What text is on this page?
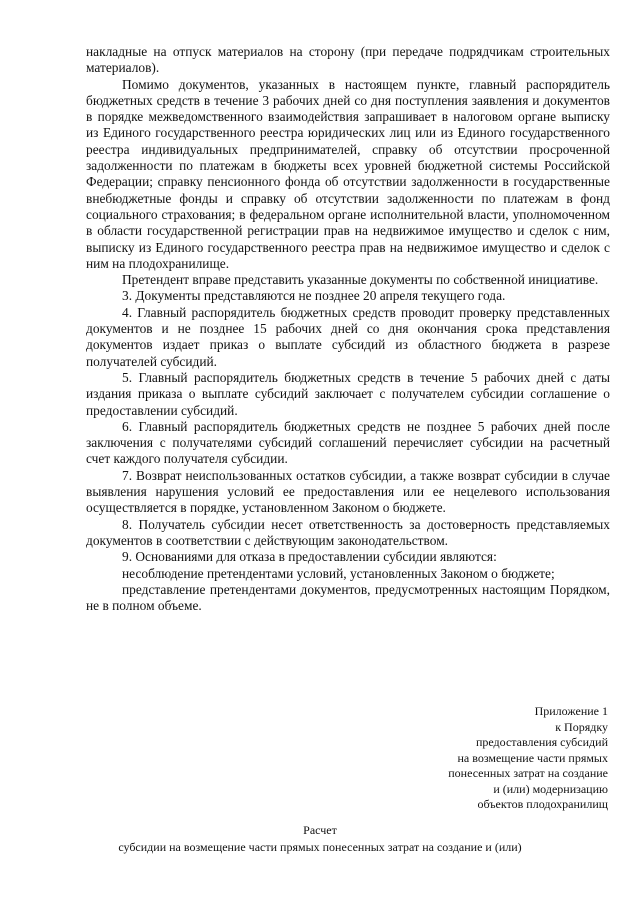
накладные на отпуск материалов на сторону (при передаче подрядчикам строительных материалов).

Помимо документов, указанных в настоящем пункте, главный распорядитель бюджетных средств в течение 3 рабочих дней со дня поступления заявления и документов в порядке межведомственного взаимодействия запрашивает в налоговом органе выписку из Единого государственного реестра юридических лиц или из Единого государственного реестра индивидуальных предпринимателей, справку об отсутствии просроченной задолженности по платежам в бюджеты всех уровней бюджетной системы Российской Федерации; справку пенсионного фонда об отсутствии задолженности в государственные внебюджетные фонды и справку об отсутствии задолженности по платежам в фонд социального страхования; в федеральном органе исполнительной власти, уполномоченном в области государственной регистрации прав на недвижимое имущество и сделок с ним, выписку из Единого государственного реестра прав на недвижимое имущество и сделок с ним на плодохранилище.

Претендент вправе представить указанные документы по собственной инициативе.

3. Документы представляются не позднее 20 апреля текущего года.

4. Главный распорядитель бюджетных средств проводит проверку представленных документов и не позднее 15 рабочих дней со дня окончания срока представления документов издает приказ о выплате субсидий из областного бюджета в разрезе получателей субсидий.

5. Главный распорядитель бюджетных средств в течение 5 рабочих дней с даты издания приказа о выплате субсидий заключает с получателем субсидии соглашение о предоставлении субсидий.

6. Главный распорядитель бюджетных средств не позднее 5 рабочих дней после заключения с получателями субсидий соглашений перечисляет субсидии на расчетный счет каждого получателя субсидии.

7. Возврат неиспользованных остатков субсидии, а также возврат субсидии в случае выявления нарушения условий ее предоставления или ее нецелевого использования осуществляется в порядке, установленном Законом о бюджете.

8. Получатель субсидии несет ответственность за достоверность представляемых документов в соответствии с действующим законодательством.

9. Основаниями для отказа в предоставлении субсидии являются:

несоблюдение претендентами условий, установленных Законом о бюджете;

представление претендентами документов, предусмотренных настоящим Порядком, не в полном объеме.

Приложение 1
к Порядку
предоставления субсидий
на возмещение части прямых
понесенных затрат на создание
и (или) модернизацию
объектов плодохранилищ
Расчет
субсидии на возмещение части прямых понесенных затрат на создание и (или)
